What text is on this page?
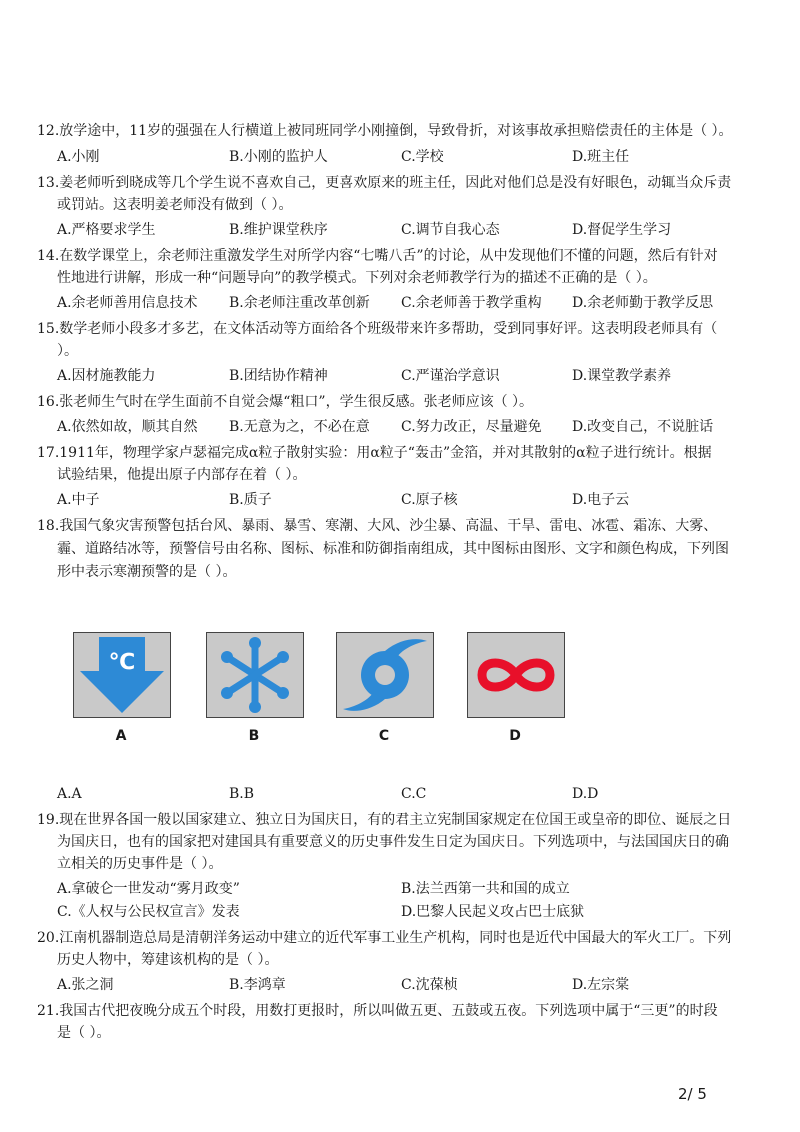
12.放学途中，11岁的强强在人行横道上被同班同学小刚撞倒，导致骨折，对该事故承担赔偿责任的主体是（ ）。
A.小刚	B.小刚的监护人	C.学校	D.班主任
13.姜老师听到晓成等几个学生说不喜欢自己，更喜欢原来的班主任，因此对他们总是没有好眼色，动辄当众斥责
或罚站。这表明姜老师没有做到（ ）。
A.严格要求学生	B.维护课堂秩序	C.调节自我心态	D.督促学生学习
14.在数学课堂上，余老师注重激发学生对所学内容“七嘴八舌”的讨论，从中发现他们不懂的问题，然后有针对
性地进行讲解，形成一种“问题导向”的教学模式。下列对余老师教学行为的描述不正确的是（ ）。
A.余老师善用信息技术 B.余老师注重改革创新 C.余老师善于教学重构 D.余老师勤于教学反思
15.数学老师小段多才多艺，在文体活动等方面给各个班级带来许多帮助，受到同事好评。这表明段老师具有（
）。
A.因材施教能力	B.团结协作精神	C.严谨治学意识	D.课堂教学素养
16.张老师生气时在学生面前不自觉会爆“粗口”，学生很反感。张老师应该（ ）。
A.依然如故，顺其自然 B.无意为之，不必在意 C.努力改正，尽量避免 D.改变自己，不说脏话
17.1911年，物理学家卢瑟福完成α粒子散射实验：用α粒子“轰击”金箔，并对其散射的α粒子进行统计。根据
试验结果，他提出原子内部存在着（ ）。
A.中子	B.质子	C.原子核	D.电子云
18.我国气象灾害预警包括台风、暴雨、暴雪、寒潮、大风、沙尘暴、高温、干旱、雷电、冰雹、霜冻、大雾、
霾、道路结冰等，预警信号由名称、图标、标准和防御指南组成，其中图标由图形、文字和颜色构成，下列图
形中表示寒潮预警的是（ ）。
℃
A	B	C	D
A.A	B.B	C.C	D.D
19.现在世界各国一般以国家建立、独立日为国庆日，有的君主立宪制国家规定在位国王或皇帝的即位、诞辰之日
为国庆日，也有的国家把对建国具有重要意义的历史事件发生日定为国庆日。下列选项中，与法国国庆日的确
立相关的历史事件是（ ）。
A.拿破仑一世发动“雾月政变”	B.法兰西第一共和国的成立
C.《人权与公民权宣言》发表	D.巴黎人民起义攻占巴士底狱
20.江南机器制造总局是清朝洋务运动中建立的近代军事工业生产机构，同时也是近代中国最大的军火工厂。下列
历史人物中，筹建该机构的是（ ）。
A.张之洞	B.李鸿章	C.沈葆桢	D.左宗棠
21.我国古代把夜晚分成五个时段，用数打更报时，所以叫做五更、五鼓或五夜。下列选项中属于“三更”的时段
是（ ）。
2/ 5
